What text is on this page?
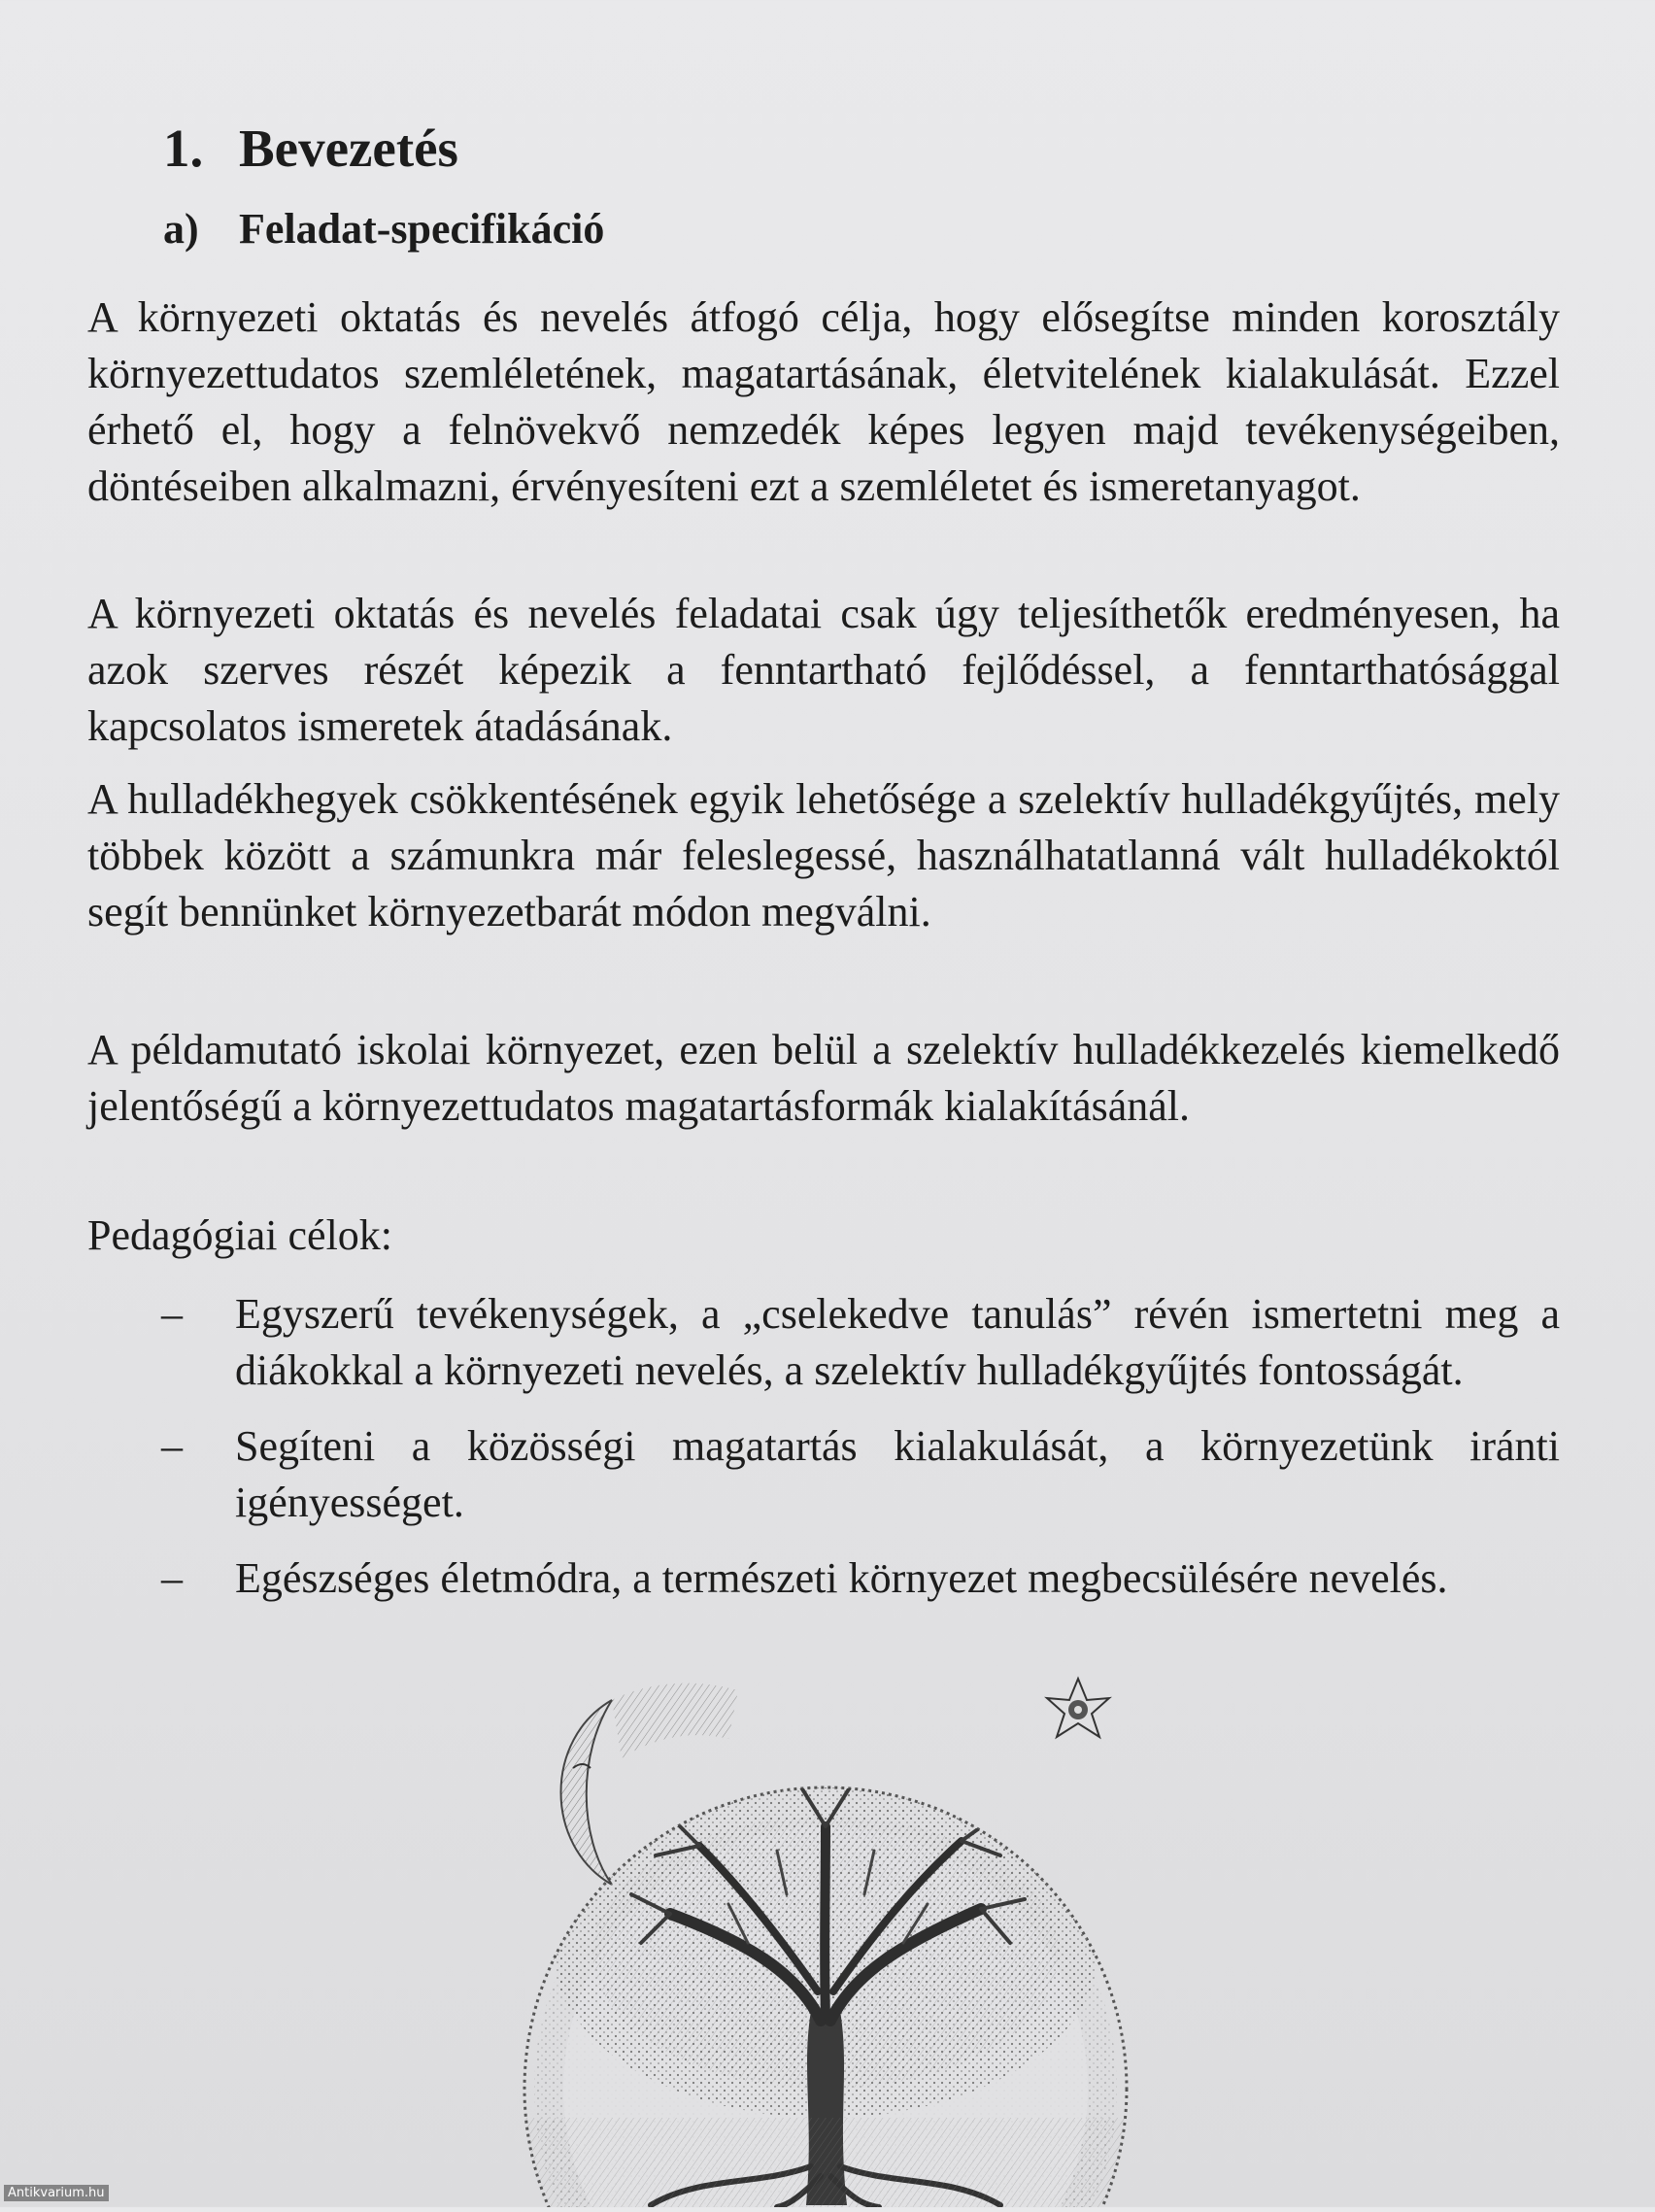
1. Bevezetés
a) Feladat-specifikáció

A környezeti oktatás és nevelés átfogó célja, hogy elősegítse minden korosztály környezettudatos szemléletének, magatartásának, életvitelének kialakulását. Ezzel érhető el, hogy a felnövekvő nemzedék képes legyen majd tevékenységeiben, döntéseiben alkalmazni, érvényesíteni ezt a szemléletet és ismeretanyagot.

A környezeti oktatás és nevelés feladatai csak úgy teljesíthetők eredményesen, ha azok szerves részét képezik a fenntartható fejlődéssel, a fenntarthatósággal kapcsolatos ismeretek átadásának.

A hulladékhegyek csökkentésének egyik lehetősége a szelektív hulladékgyűjtés, mely többek között a számunkra már feleslegessé, használhatatlanná vált hulladékoktól segít bennünket környezetbarát módon megválni.

A példamutató iskolai környezet, ezen belül a szelektív hulladékkezelés kiemelkedő jelentőségű a környezettudatos magatartásformák kialakításánál.

Pedagógiai célok:

– Egyszerű tevékenységek, a „cselekedve tanulás” révén ismertetni meg a diákokkal a környezeti nevelés, a szelektív hulladékgyűjtés fontosságát.
– Segíteni a közösségi magatartás kialakulását, a környezetünk iránti igényességet.
– Egészséges életmódra, a természeti környezet megbecsülésére nevelés.
Antikvarium.hu
